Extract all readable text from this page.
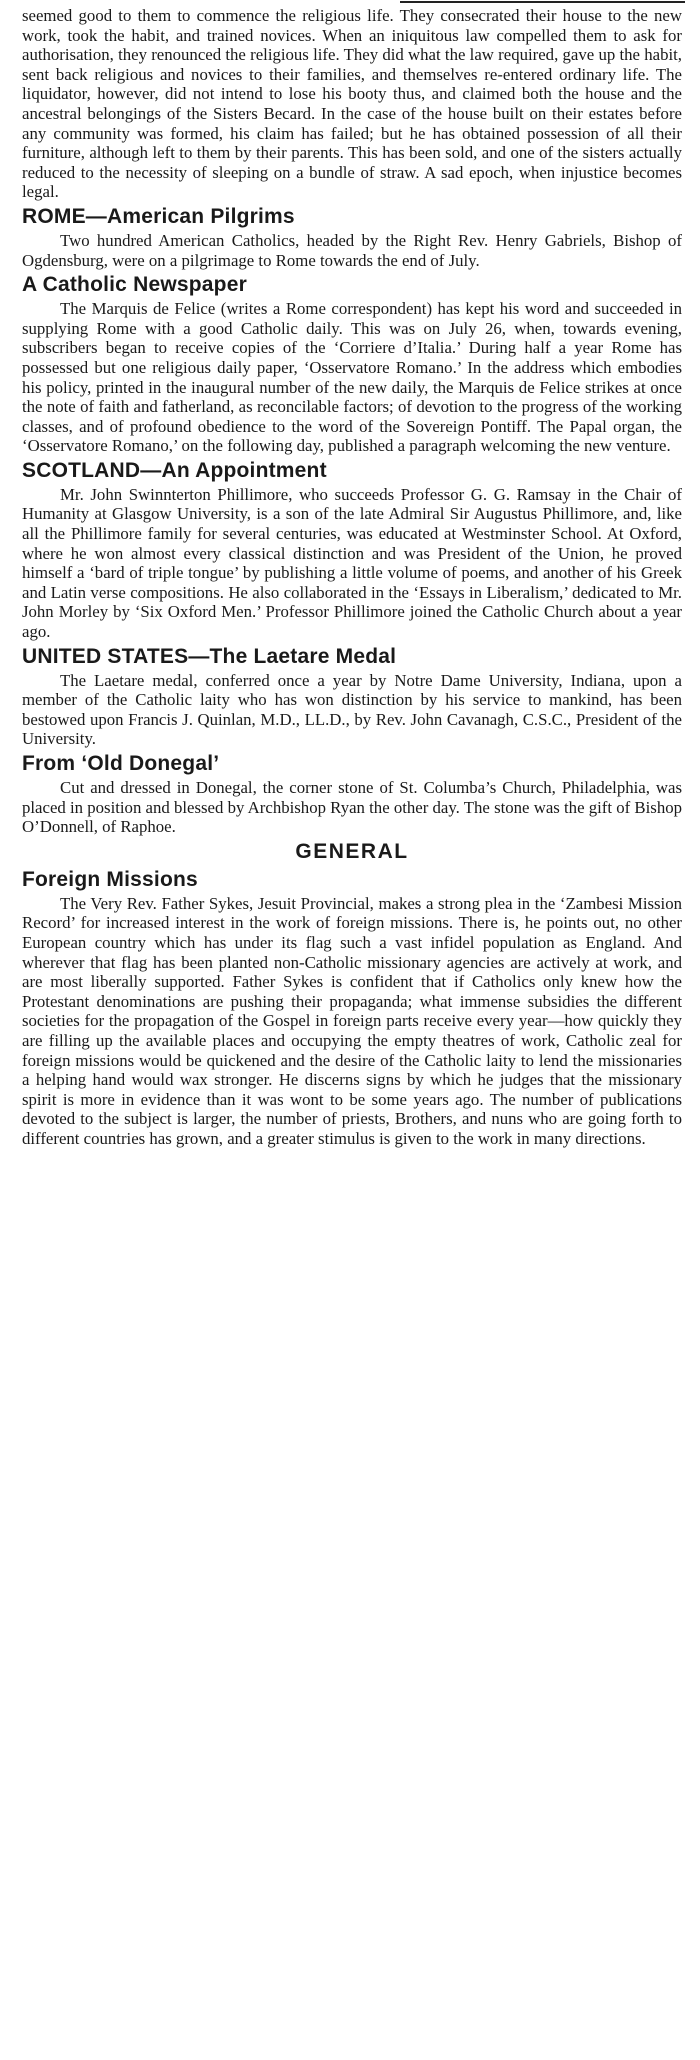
seemed good to them to commence the religious life. They consecrated their house to the new work, took the habit, and trained novices. When an iniquitous law compelled them to ask for authorisation, they renounced the religious life. They did what the law required, gave up the habit, sent back religious and novices to their families, and themselves re-entered ordinary life. The liquidator, however, did not intend to lose his booty thus, and claimed both the house and the ancestral belongings of the Sisters Becard. In the case of the house built on their estates before any community was formed, his claim has failed; but he has obtained possession of all their furniture, although left to them by their parents. This has been sold, and one of the sisters actually reduced to the necessity of sleeping on a bundle of straw. A sad epoch, when injustice becomes legal.

ROME—American Pilgrims

Two hundred American Catholics, headed by the Right Rev. Henry Gabriels, Bishop of Ogdensburg, were on a pilgrimage to Rome towards the end of July.

A Catholic Newspaper

The Marquis de Felice (writes a Rome correspondent) has kept his word and succeeded in supplying Rome with a good Catholic daily. This was on July 26, when, towards evening, subscribers began to receive copies of the ‘Corriere d’Italia.’ During half a year Rome has possessed but one religious daily paper, ‘Osservatore Romano.’ In the address which embodies his policy, printed in the inaugural number of the new daily, the Marquis de Felice strikes at once the note of faith and fatherland, as reconcilable factors; of devotion to the progress of the working classes, and of profound obedience to the word of the Sovereign Pontiff. The Papal organ, the ‘Osservatore Romano,’ on the following day, published a paragraph welcoming the new venture.

SCOTLAND—An Appointment

Mr. John Swinnterton Phillimore, who succeeds Professor G. G. Ramsay in the Chair of Humanity at Glasgow University, is a son of the late Admiral Sir Augustus Phillimore, and, like all the Phillimore family for several centuries, was educated at Westminster School. At Oxford, where he won almost every classical distinction and was President of the Union, he proved himself a ‘bard of triple tongue’ by publishing a little volume of poems, and another of his Greek and Latin verse compositions. He also collaborated in the ‘Essays in Liberalism,’ dedicated to Mr. John Morley by ‘Six Oxford Men.’ Professor Phillimore joined the Catholic Church about a year ago.

UNITED STATES—The Laetare Medal

The Laetare medal, conferred once a year by Notre Dame University, Indiana, upon a member of the Catholic laity who has won distinction by his service to mankind, has been bestowed upon Francis J. Quinlan, M.D., LL.D., by Rev. John Cavanagh, C.S.C., President of the University.

From ‘Old Donegal’

Cut and dressed in Donegal, the corner stone of St. Columba’s Church, Philadelphia, was placed in position and blessed by Archbishop Ryan the other day. The stone was the gift of Bishop O’Donnell, of Raphoe.

GENERAL
Foreign Missions

The Very Rev. Father Sykes, Jesuit Provincial, makes a strong plea in the ‘Zambesi Mission Record’ for increased interest in the work of foreign missions. There is, he points out, no other European country which has under its flag such a vast infidel population as England. And wherever that flag has been planted non-Catholic missionary agencies are actively at work, and are most liberally supported. Father Sykes is confident that if Catholics only knew how the Protestant denominations are pushing their propaganda; what immense subsidies the different societies for the propagation of the Gospel in foreign parts receive every year—how quickly they are filling up the available places and occupying the empty theatres of work, Catholic zeal for foreign missions would be quickened and the desire of the Catholic laity to lend the missionaries a helping hand would wax stronger. He discerns signs by which he judges that the missionary spirit is more in evidence than it was wont to be some years ago. The number of publications devoted to the subject is larger, the number of priests, Brothers, and nuns who are going forth to different countries has grown, and a greater stimulus is given to the work in many directions.
